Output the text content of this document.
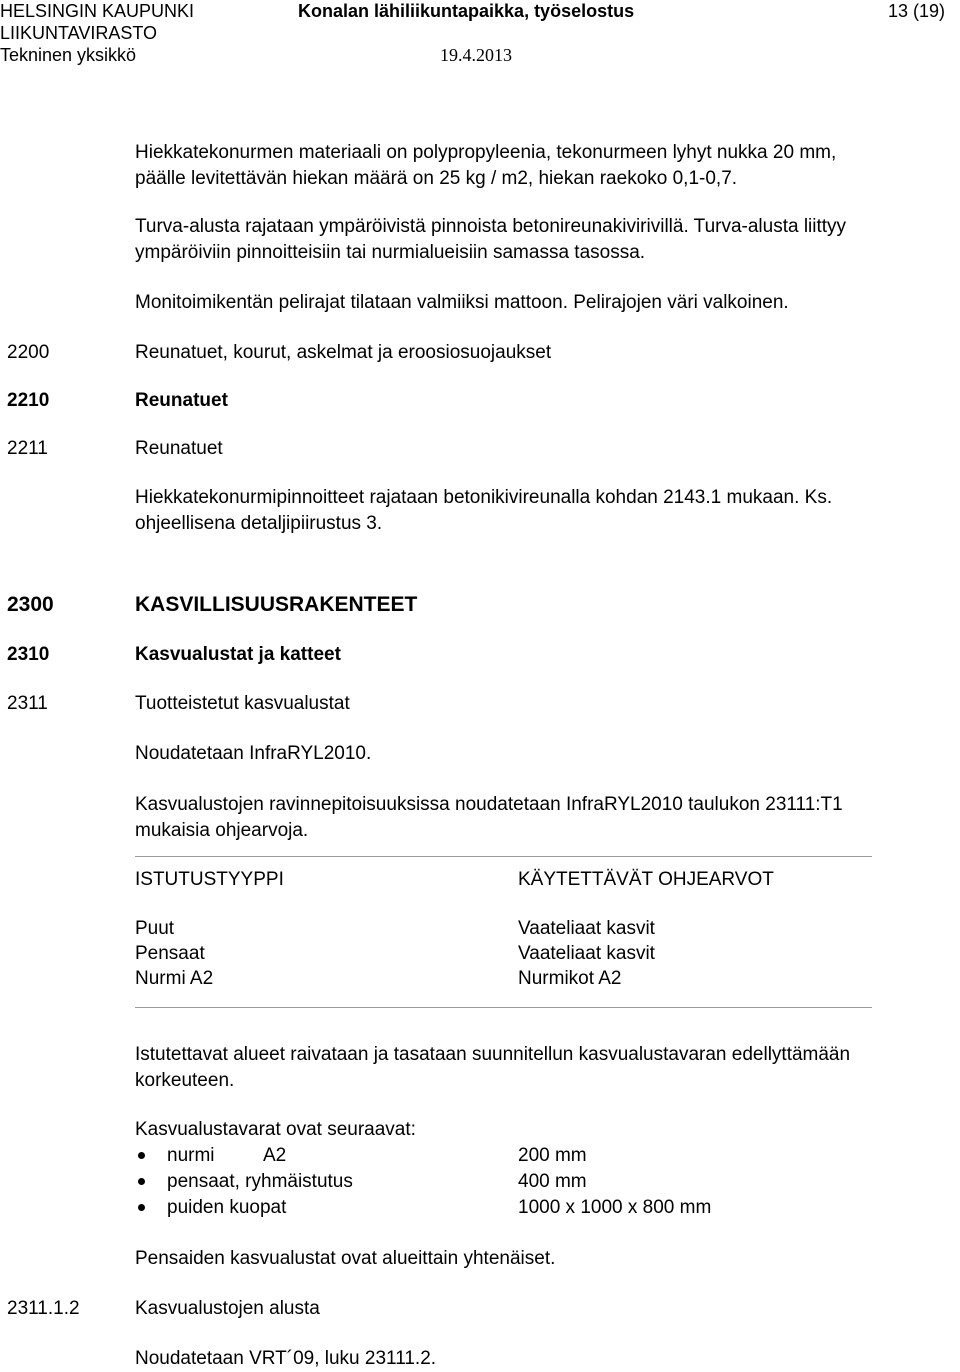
HELSINGIN KAUPUNKI
LIIKUNTAVIRASTO
Tekninen yksikkö
Konalan lähiliikuntapaikka, työselostus
19.4.2013
13 (19)
Hiekkatekonurmen materiaali on polypropyleenia, tekonurmeen lyhyt nukka 20 mm,
päälle levitettävän hiekan määrä on 25 kg / m2, hiekan raekoko 0,1-0,7.
Turva-alusta rajataan ympäröivistä pinnoista betonireunakivirivillä. Turva-alusta liittyy
ympäröiviin pinnoitteisiin tai nurmialueisiin samassa tasossa.
Monitoimikentän pelirajat tilataan valmiiksi mattoon. Pelirajojen väri valkoinen.
2200	Reunatuet, kourut, askelmat ja eroosiosuojaukset
2210	Reunatuet
2211	Reunatuet
Hiekkatekonurmipinnoitteet rajataan betonikivireunalla kohdan 2143.1 mukaan. Ks.
ohjeellisena detaljipiirustus 3.
2300	KASVILLISUUSRAKENTEET
2310	Kasvualustat ja katteet
2311	Tuotteistetut kasvualustat
Noudatetaan InfraRYL2010.
Kasvualustojen ravinnepitoisuuksissa noudatetaan InfraRYL2010 taulukon 23111:T1
mukaisia ohjearvoja.
ISTUTUSTYYPPI	KÄYTETTÄVÄT OHJEARVOT
Puut	Vaateliaat kasvit
Pensaat	Vaateliaat kasvit
Nurmi A2	Nurmikot A2
Istutettavat alueet raivataan ja tasataan suunnitellun kasvualustavaran edellyttämään
korkeuteen.
Kasvualustavarat ovat seuraavat:
nurmi	A2	200 mm
pensaat, ryhmäistutus	400 mm
puiden kuopat	1000 x 1000 x 800 mm
Pensaiden kasvualustat ovat alueittain yhtenäiset.
2311.1.2	Kasvualustojen alusta
Noudatetaan VRT´09, luku 23111.2.
